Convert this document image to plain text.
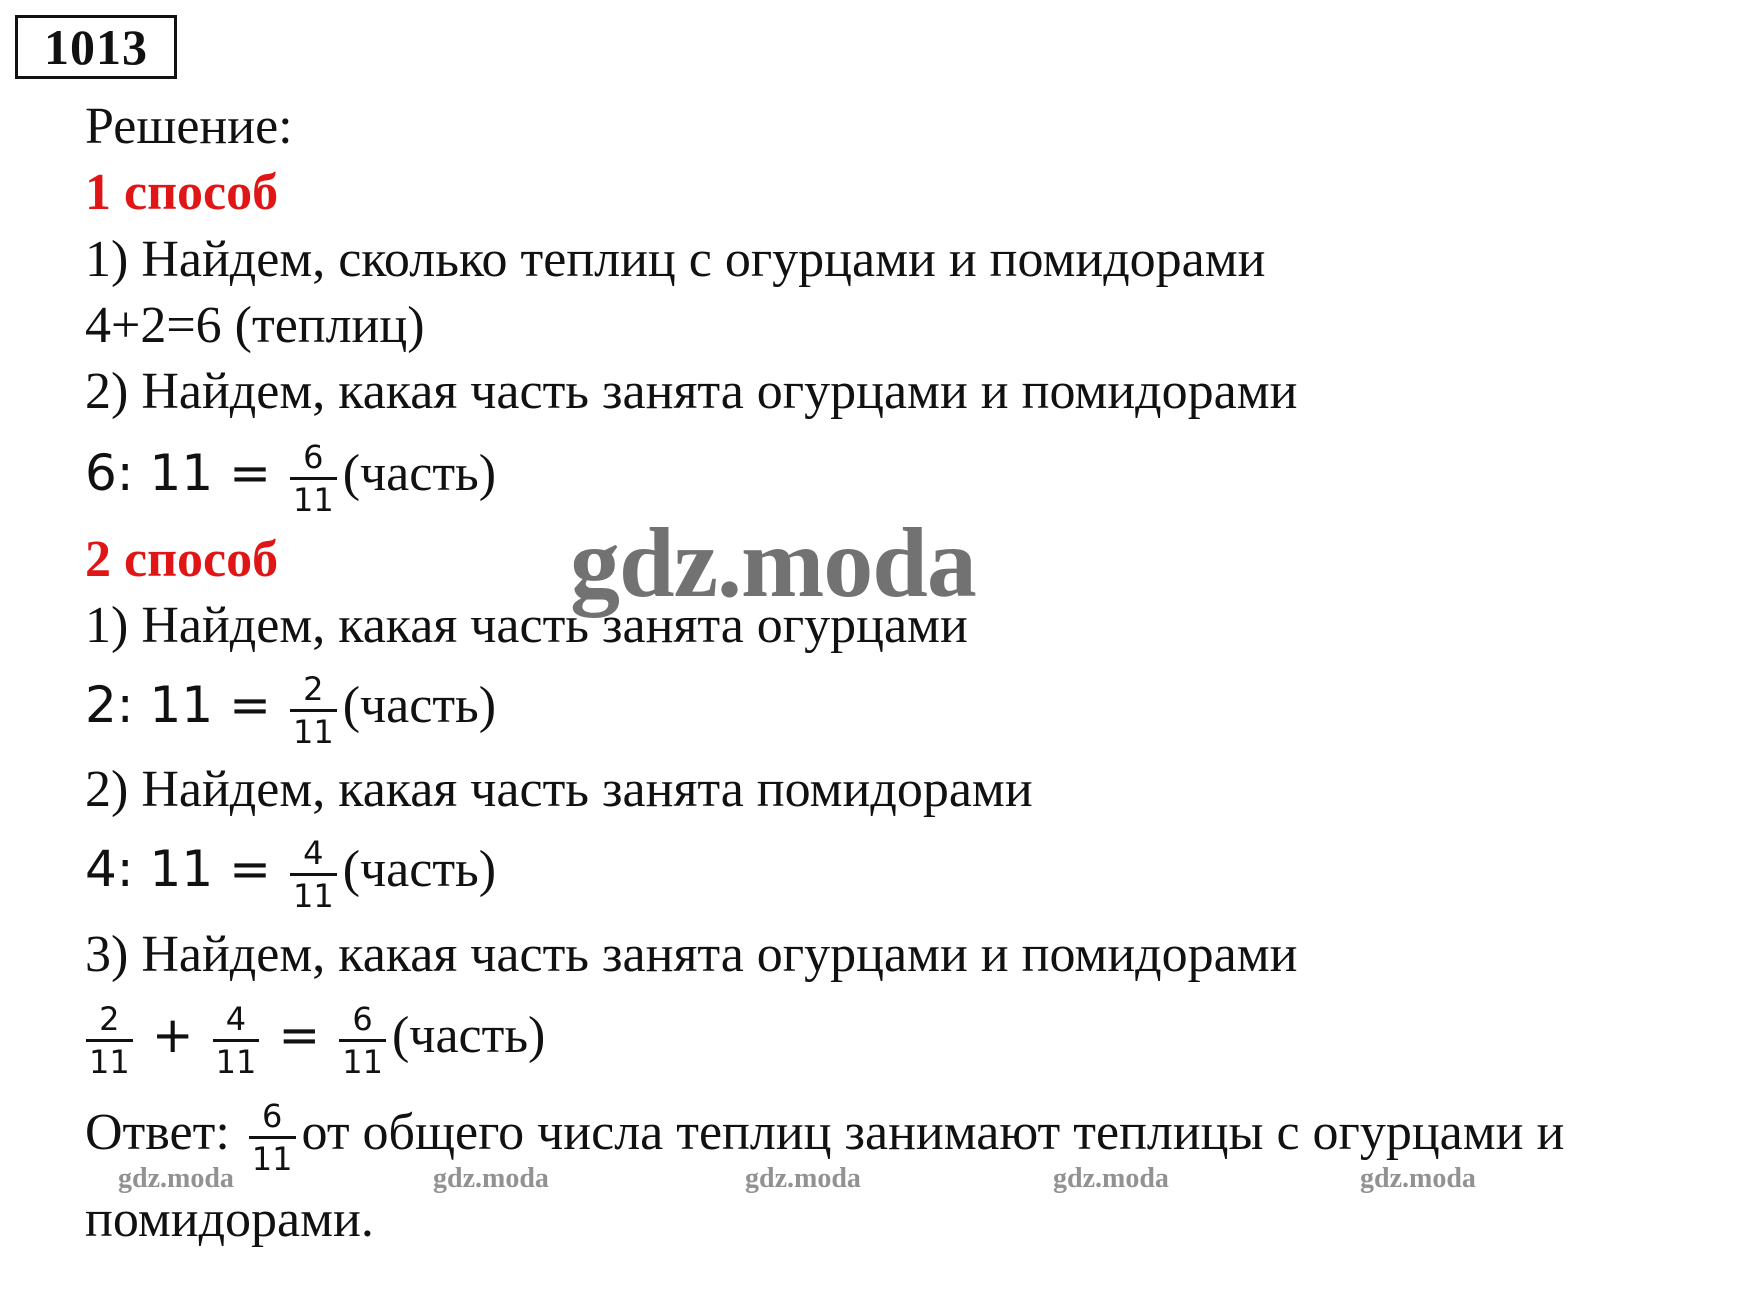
1013
Решение:
1 способ
1) Найдем, сколько теплиц с огурцами и помидорами
4+2=6 (теплиц)
2) Найдем, какая часть занята огурцами и помидорами
6: $11 = \frac{6}{11}$ (часть)
2 способ
1) Найдем, какая часть занята огурцами
2: $11 = \frac{2}{11}$ (часть)
2) Найдем, какая часть занята помидорами
4: $11 = \frac{4}{11}$ (часть)
3) Найдем, какая часть занята огурцами и помидорами
$\frac{2}{11} + \frac{4}{11} = \frac{6}{11}$ (часть)
Ответ: $\frac{6}{11}$ от общего числа теплиц занимают теплицы с огурцами и
помидорами.
gdz.moda
gdz.moda	gdz.moda	gdz.moda	gdz.moda	gdz.moda
